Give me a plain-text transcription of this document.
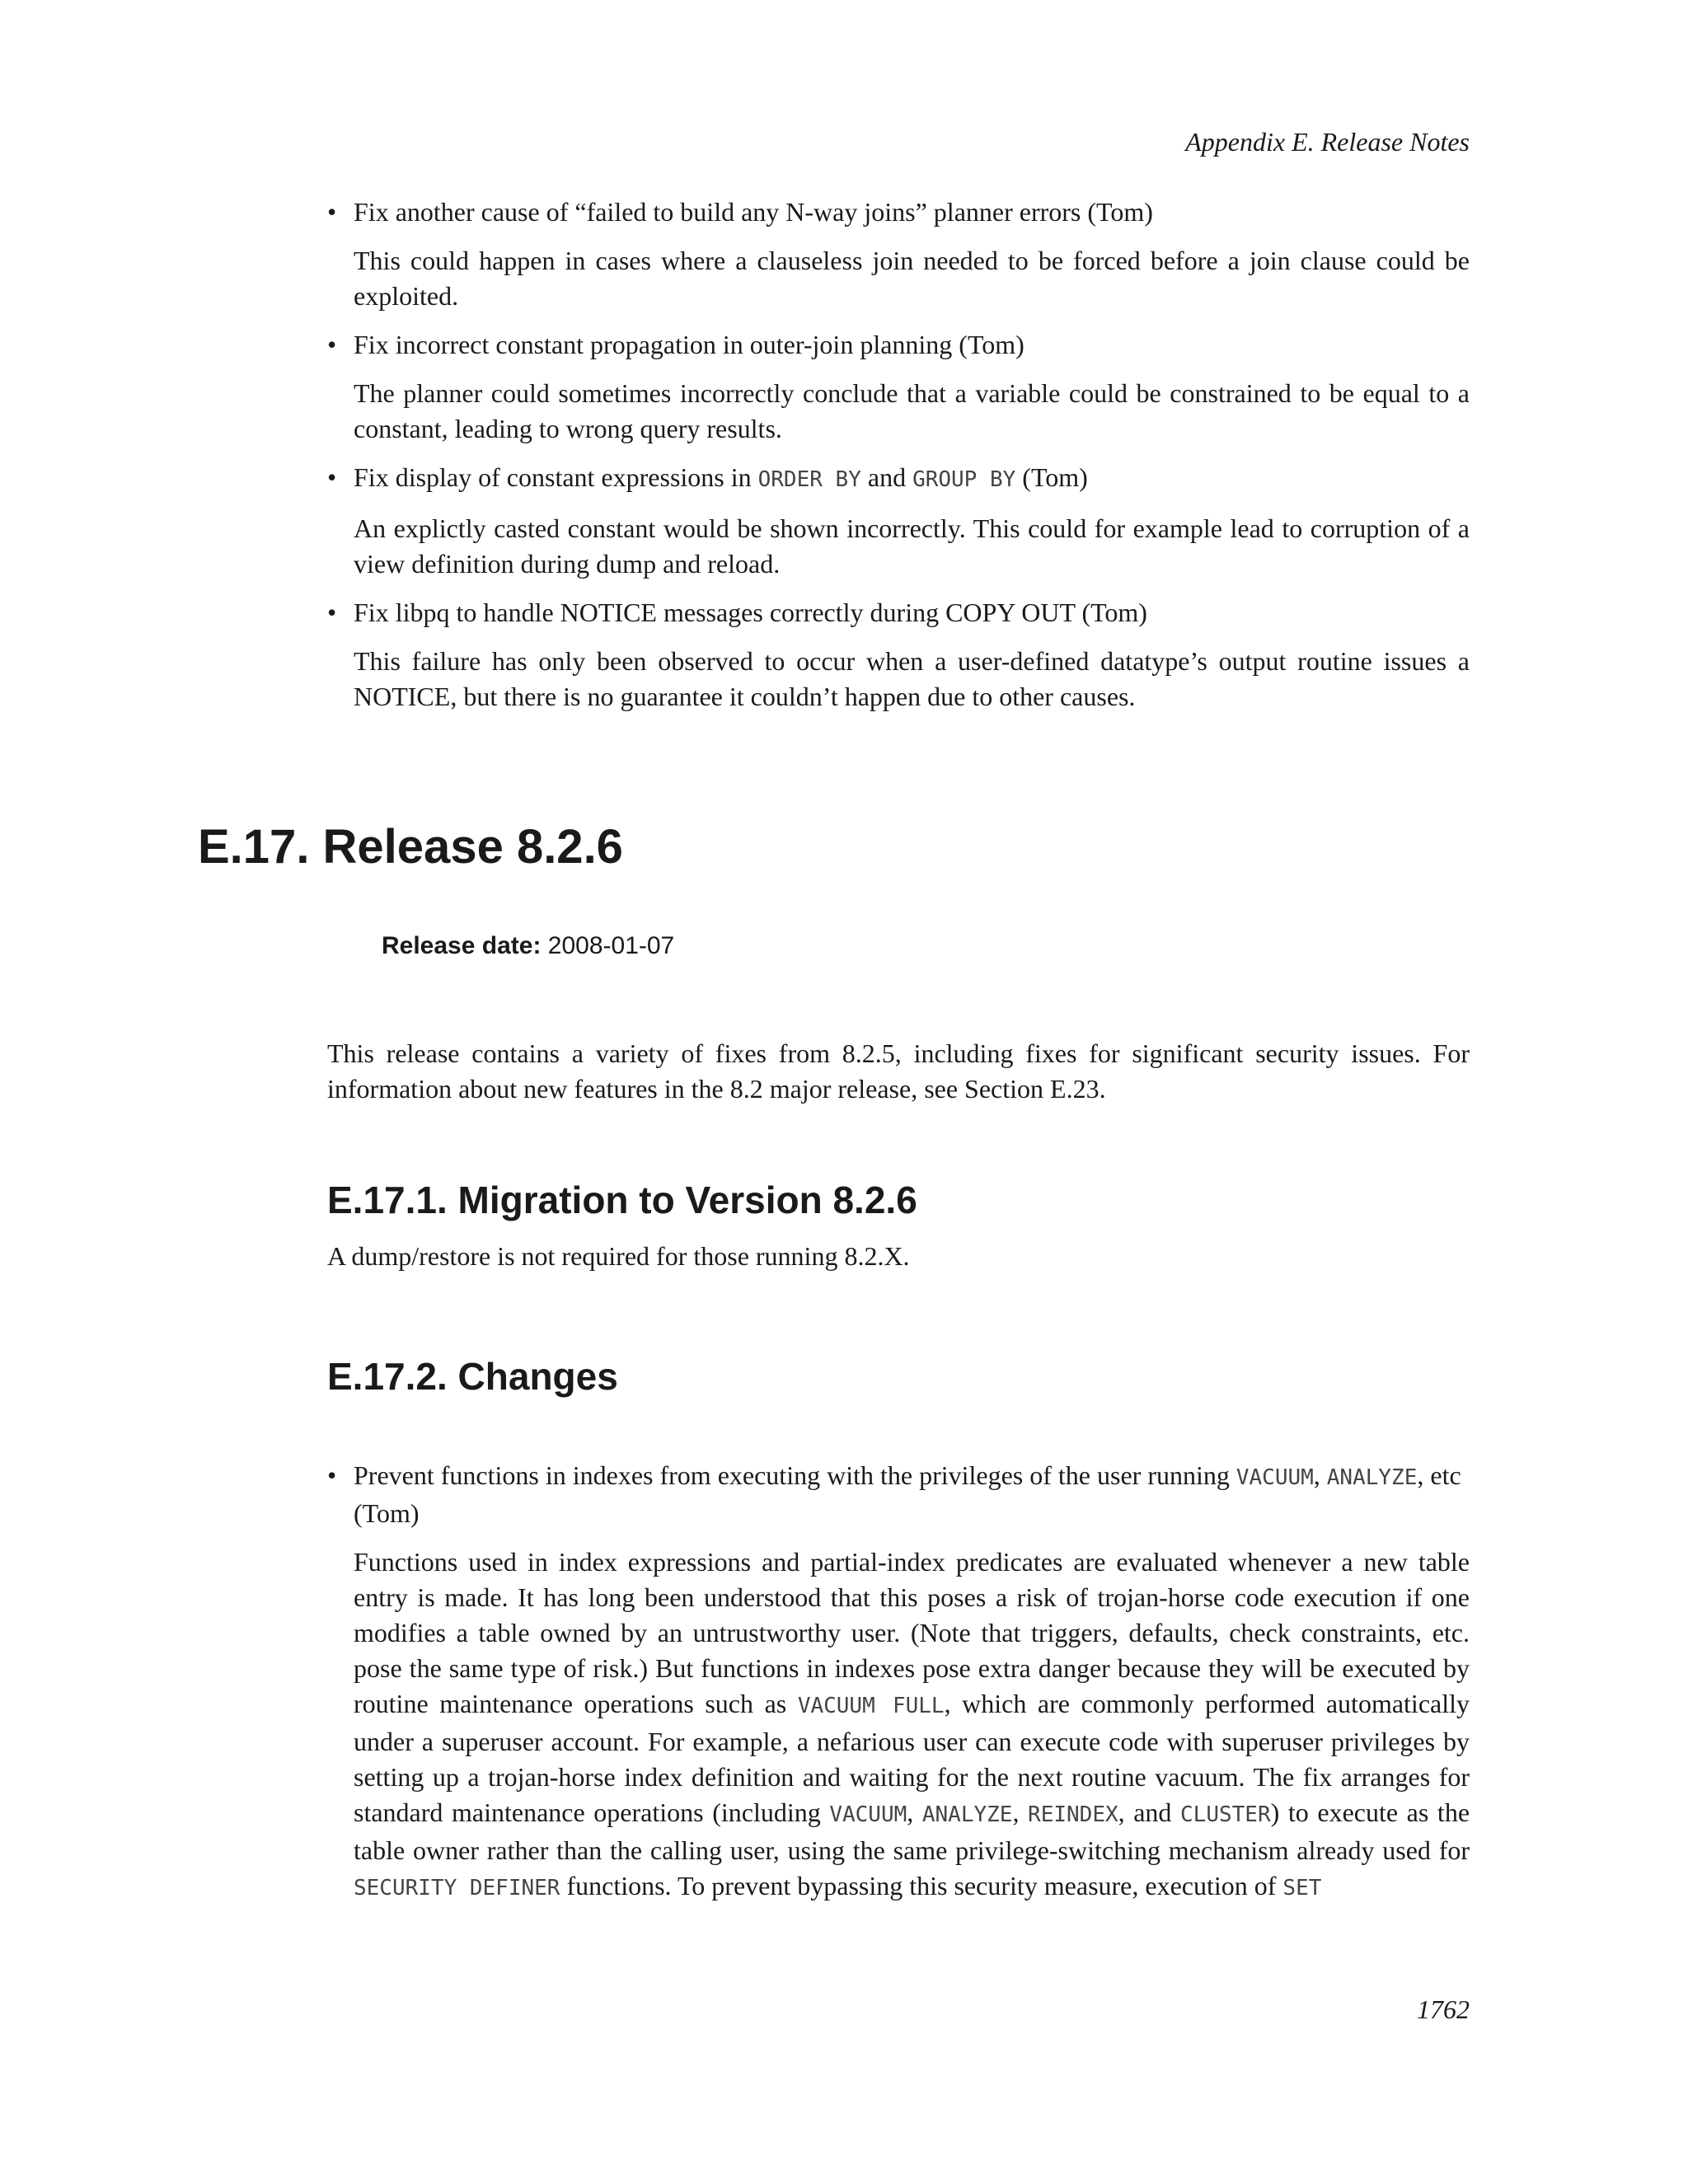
Appendix E. Release Notes
• Fix another cause of “failed to build any N-way joins” planner errors (Tom)

This could happen in cases where a clauseless join needed to be forced before a join clause could be exploited.

• Fix incorrect constant propagation in outer-join planning (Tom)

The planner could sometimes incorrectly conclude that a variable could be constrained to be equal to a constant, leading to wrong query results.

• Fix display of constant expressions in ORDER BY and GROUP BY (Tom)

An explictly casted constant would be shown incorrectly. This could for example lead to corruption of a view definition during dump and reload.

• Fix libpq to handle NOTICE messages correctly during COPY OUT (Tom)

This failure has only been observed to occur when a user-defined datatype’s output routine issues a NOTICE, but there is no guarantee it couldn’t happen due to other causes.

E.17. Release 8.2.6
Release date: 2008-01-07

This release contains a variety of fixes from 8.2.5, including fixes for significant security issues. For information about new features in the 8.2 major release, see Section E.23.

E.17.1. Migration to Version 8.2.6

A dump/restore is not required for those running 8.2.X.

E.17.2. Changes
• Prevent functions in indexes from executing with the privileges of the user running VACUUM, ANALYZE, etc (Tom)

Functions used in index expressions and partial-index predicates are evaluated whenever a new table entry is made. It has long been understood that this poses a risk of trojan-horse code execution if one modifies a table owned by an untrustworthy user. (Note that triggers, defaults, check constraints, etc. pose the same type of risk.) But functions in indexes pose extra danger because they will be executed by routine maintenance operations such as VACUUM FULL, which are commonly performed automatically under a superuser account. For example, a nefarious user can execute code with superuser privileges by setting up a trojan-horse index definition and waiting for the next routine vacuum. The fix arranges for standard maintenance operations (including VACUUM, ANALYZE, REINDEX, and CLUSTER) to execute as the table owner rather than the calling user, using the same privilege-switching mechanism already used for SECURITY DEFINER functions. To prevent bypassing this security measure, execution of SET

1762
